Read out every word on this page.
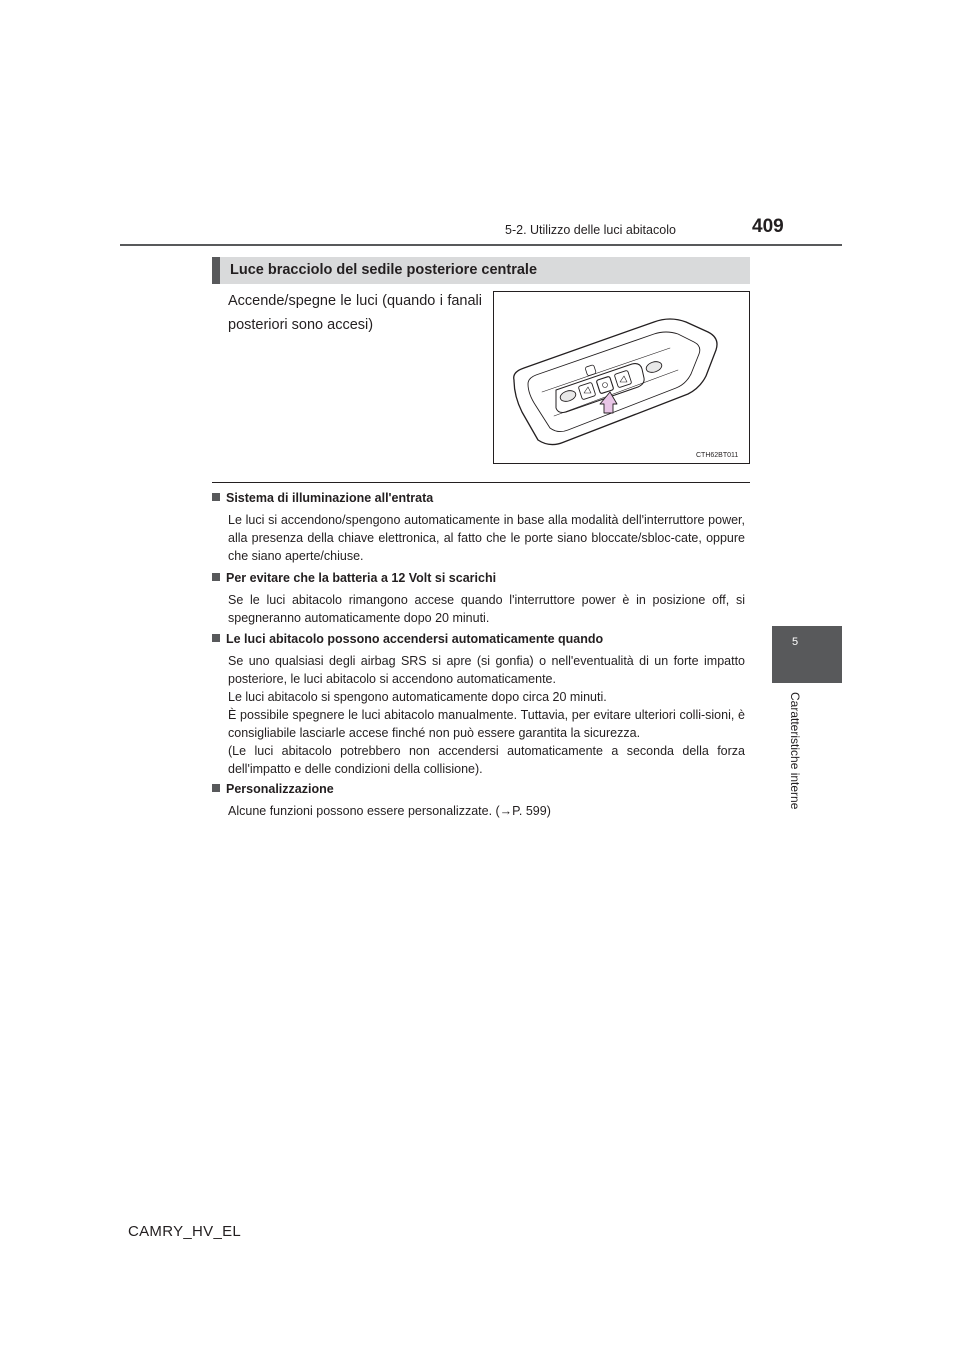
5-2. Utilizzo delle luci abitacolo	409
5
Caratteristiche interne
Luce bracciolo del sedile posteriore centrale
Accende/spegne le luci (quando i fanali posteriori sono accesi)
CTH62BT011
Sistema di illuminazione all'entrata

Le luci si accendono/spengono automaticamente in base alla modalità dell'interruttore power, alla presenza della chiave elettronica, al fatto che le porte siano bloccate/sbloc-cate, oppure che siano aperte/chiuse.

Per evitare che la batteria a 12 Volt si scarichi

Se le luci abitacolo rimangono accese quando l'interruttore power è in posizione off, si spegneranno automaticamente dopo 20 minuti.

Le luci abitacolo possono accendersi automaticamente quando

Se uno qualsiasi degli airbag SRS si apre (si gonfia) o nell'eventualità di un forte impatto posteriore, le luci abitacolo si accendono automaticamente.

Le luci abitacolo si spengono automaticamente dopo circa 20 minuti.

È possibile spegnere le luci abitacolo manualmente. Tuttavia, per evitare ulteriori colli-sioni, è consigliabile lasciarle accese finché non può essere garantita la sicurezza.

(Le luci abitacolo potrebbero non accendersi automaticamente a seconda della forza dell'impatto e delle condizioni della collisione).

Personalizzazione

Alcune funzioni possono essere personalizzate. (→P. 599)

CAMRY_HV_EL
